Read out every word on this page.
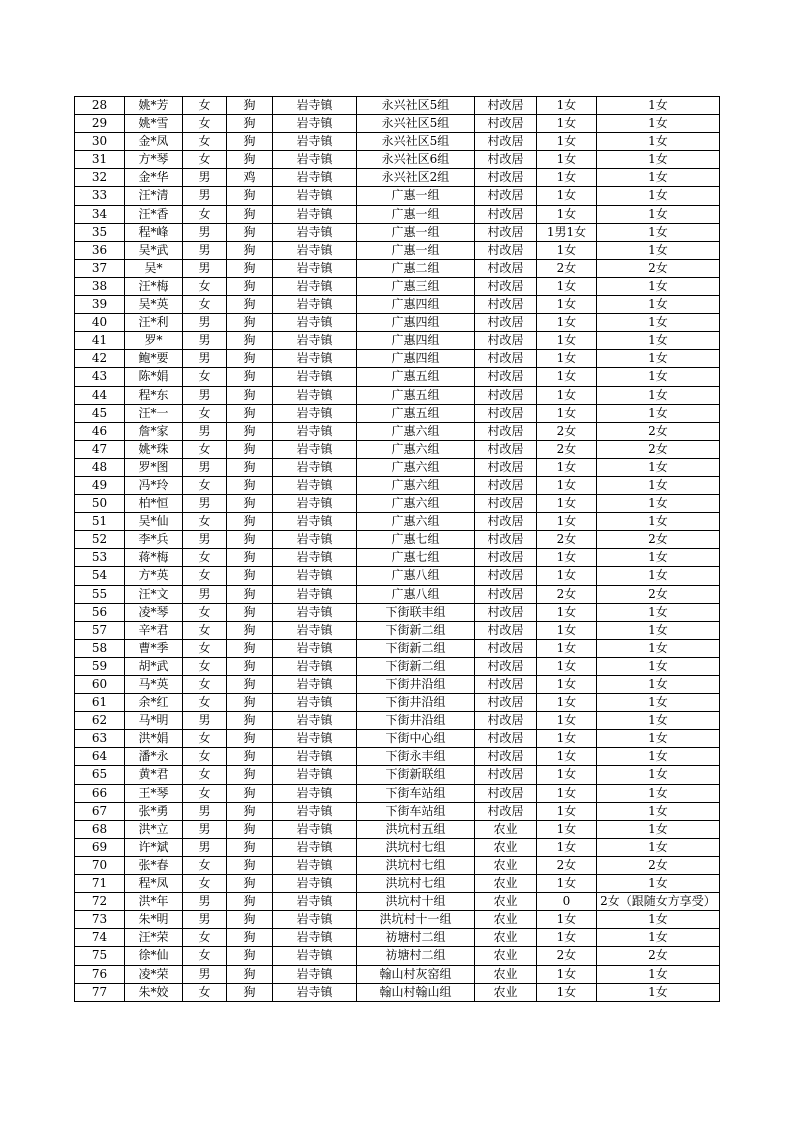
28	姚*芳	女	狗	岩寺镇	永兴社区5组	村改居	1女	1女
29	姚*雪	女	狗	岩寺镇	永兴社区5组	村改居	1女	1女
30	金*凤	女	狗	岩寺镇	永兴社区5组	村改居	1女	1女
31	方*琴	女	狗	岩寺镇	永兴社区6组	村改居	1女	1女
32	金*华	男	鸡	岩寺镇	永兴社区2组	村改居	1女	1女
33	汪*清	男	狗	岩寺镇	广惠一组	村改居	1女	1女
34	汪*香	女	狗	岩寺镇	广惠一组	村改居	1女	1女
35	程*峰	男	狗	岩寺镇	广惠一组	村改居	1男1女	1女
36	吴*武	男	狗	岩寺镇	广惠一组	村改居	1女	1女
37	吴*	男	狗	岩寺镇	广惠二组	村改居	2女	2女
38	汪*梅	女	狗	岩寺镇	广惠三组	村改居	1女	1女
39	吴*英	女	狗	岩寺镇	广惠四组	村改居	1女	1女
40	汪*利	男	狗	岩寺镇	广惠四组	村改居	1女	1女
41	罗*	男	狗	岩寺镇	广惠四组	村改居	1女	1女
42	鲍*要	男	狗	岩寺镇	广惠四组	村改居	1女	1女
43	陈*娟	女	狗	岩寺镇	广惠五组	村改居	1女	1女
44	程*东	男	狗	岩寺镇	广惠五组	村改居	1女	1女
45	汪*一	女	狗	岩寺镇	广惠五组	村改居	1女	1女
46	詹*家	男	狗	岩寺镇	广惠六组	村改居	2女	2女
47	姚*珠	女	狗	岩寺镇	广惠六组	村改居	2女	2女
48	罗*图	男	狗	岩寺镇	广惠六组	村改居	1女	1女
49	冯*玲	女	狗	岩寺镇	广惠六组	村改居	1女	1女
50	柏*恒	男	狗	岩寺镇	广惠六组	村改居	1女	1女
51	吴*仙	女	狗	岩寺镇	广惠六组	村改居	1女	1女
52	李*兵	男	狗	岩寺镇	广惠七组	村改居	2女	2女
53	蒋*梅	女	狗	岩寺镇	广惠七组	村改居	1女	1女
54	方*英	女	狗	岩寺镇	广惠八组	村改居	1女	1女
55	汪*文	男	狗	岩寺镇	广惠八组	村改居	2女	2女
56	凌*琴	女	狗	岩寺镇	下街联丰组	村改居	1女	1女
57	辛*君	女	狗	岩寺镇	下街新二组	村改居	1女	1女
58	曹*季	女	狗	岩寺镇	下街新二组	村改居	1女	1女
59	胡*武	女	狗	岩寺镇	下街新二组	村改居	1女	1女
60	马*英	女	狗	岩寺镇	下街井沿组	村改居	1女	1女
61	余*红	女	狗	岩寺镇	下街井沿组	村改居	1女	1女
62	马*明	男	狗	岩寺镇	下街井沿组	村改居	1女	1女
63	洪*娟	女	狗	岩寺镇	下街中心组	村改居	1女	1女
64	潘*永	女	狗	岩寺镇	下街永丰组	村改居	1女	1女
65	黄*君	女	狗	岩寺镇	下街新联组	村改居	1女	1女
66	王*琴	女	狗	岩寺镇	下街车站组	村改居	1女	1女
67	张*勇	男	狗	岩寺镇	下街车站组	村改居	1女	1女
68	洪*立	男	狗	岩寺镇	洪坑村五组	农业	1女	1女
69	许*斌	男	狗	岩寺镇	洪坑村七组	农业	1女	1女
70	张*春	女	狗	岩寺镇	洪坑村七组	农业	2女	2女
71	程*凤	女	狗	岩寺镇	洪坑村七组	农业	1女	1女
72	洪*年	男	狗	岩寺镇	洪坑村十组	农业	0	2女（跟随女方享受）
73	朱*明	男	狗	岩寺镇	洪坑村十一组	农业	1女	1女
74	汪*荣	女	狗	岩寺镇	祊塘村二组	农业	1女	1女
75	徐*仙	女	狗	岩寺镇	祊塘村二组	农业	2女	2女
76	凌*荣	男	狗	岩寺镇	翰山村灰窑组	农业	1女	1女
77	朱*姣	女	狗	岩寺镇	翰山村翰山组	农业	1女	1女
